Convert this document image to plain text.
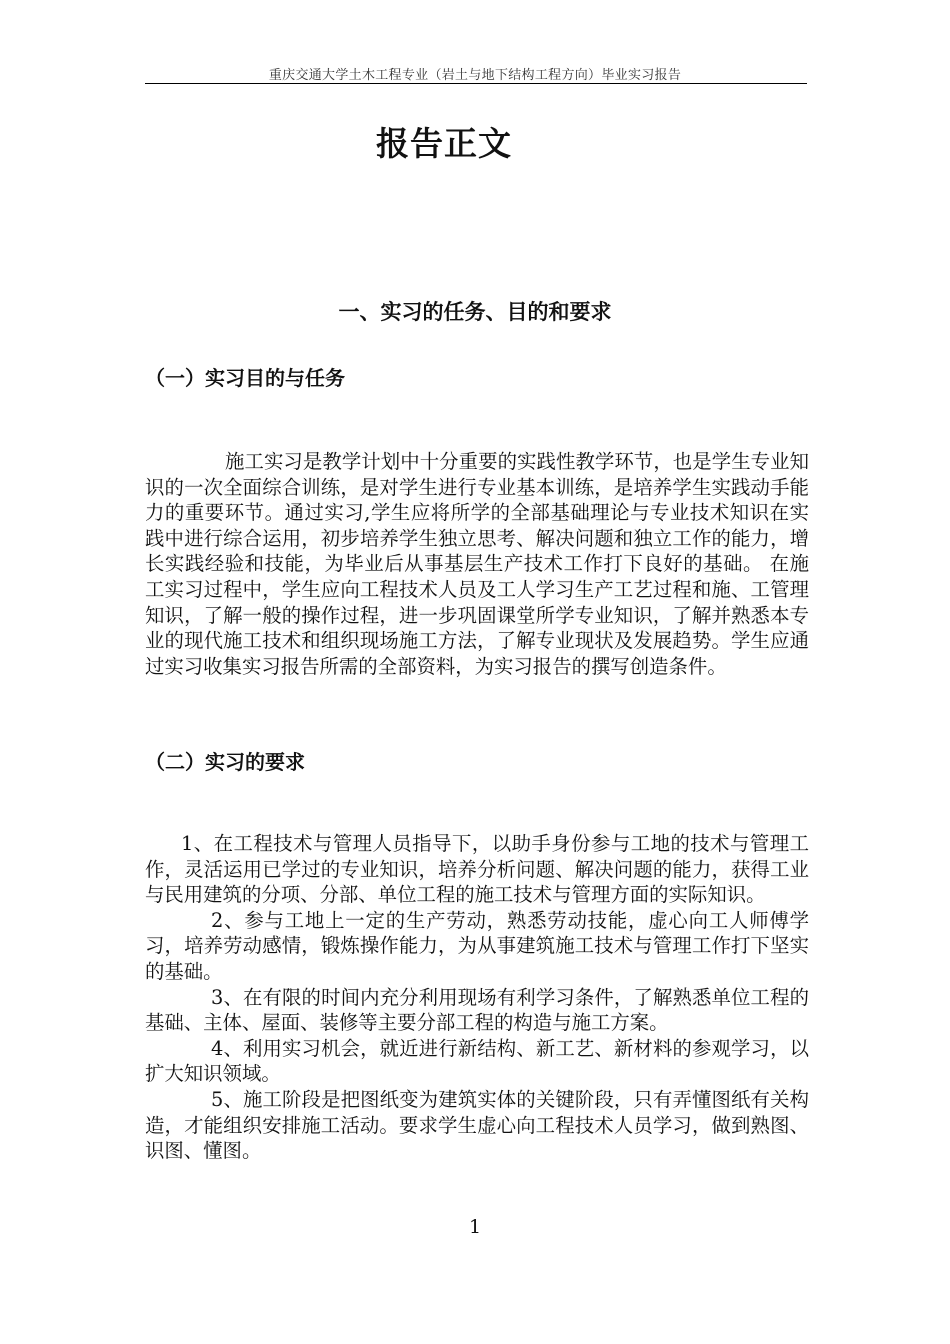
重庆交通大学土木工程专业（岩土与地下结构工程方向）毕业实习报告
报告正文
一、实习的任务、目的和要求
（一）实习目的与任务

施工实习是教学计划中十分重要的实践性教学环节，也是学生专业知识的一次全面综合训练，是对学生进行专业基本训练，是培养学生实践动手能力的重要环节。通过实习,学生应将所学的全部基础理论与专业技术知识在实践中进行综合运用，初步培养学生独立思考、解决问题和独立工作的能力，增长实践经验和技能，为毕业后从事基层生产技术工作打下良好的基础。 在施工实习过程中，学生应向工程技术人员及工人学习生产工艺过程和施、工管理知识，了解一般的操作过程，进一步巩固课堂所学专业知识，了解并熟悉本专业的现代施工技术和组织现场施工方法，了解专业现状及发展趋势。学生应通过实习收集实习报告所需的全部资料，为实习报告的撰写创造条件。

（二）实习的要求

1、在工程技术与管理人员指导下，以助手身份参与工地的技术与管理工作，灵活运用已学过的专业知识，培养分析问题、解决问题的能力，获得工业与民用建筑的分项、分部、单位工程的施工技术与管理方面的实际知识。

2、参与工地上一定的生产劳动，熟悉劳动技能，虚心向工人师傅学习，培养劳动感情，锻炼操作能力，为从事建筑施工技术与管理工作打下坚实的基础。

3、在有限的时间内充分利用现场有利学习条件，了解熟悉单位工程的基础、主体、屋面、装修等主要分部工程的构造与施工方案。

4、利用实习机会，就近进行新结构、新工艺、新材料的参观学习，以扩大知识领域。

5、施工阶段是把图纸变为建筑实体的关键阶段，只有弄懂图纸有关构造，才能组织安排施工活动。要求学生虚心向工程技术人员学习，做到熟图、识图、懂图。

1
